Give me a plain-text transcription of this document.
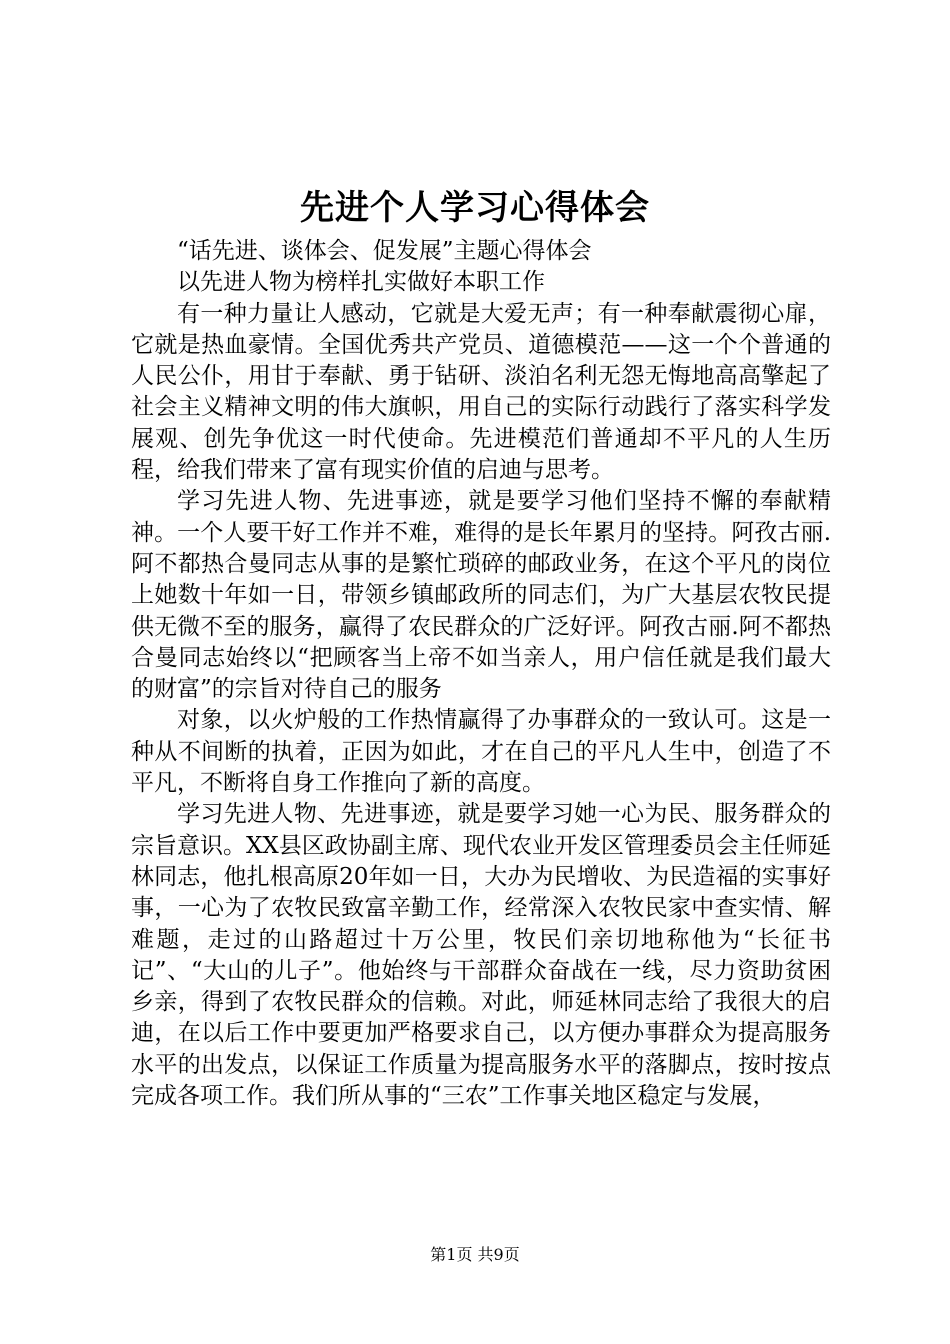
先进个人学习心得体会

“话先进、谈体会、促发展”主题心得体会

以先进人物为榜样扎实做好本职工作

有一种力量让人感动，它就是大爱无声；有一种奉献震彻心扉，它就是热血豪情。全国优秀共产党员、道德模范——这一个个普通的人民公仆，用甘于奉献、勇于钻研、淡泊名利无怨无悔地高高擎起了社会主义精神文明的伟大旗帜，用自己的实际行动践行了落实科学发展观、创先争优这一时代使命。先进模范们普通却不平凡的人生历程，给我们带来了富有现实价值的启迪与思考。

学习先进人物、先进事迹，就是要学习他们坚持不懈的奉献精神。一个人要干好工作并不难，难得的是长年累月的坚持。阿孜古丽.阿不都热合曼同志从事的是繁忙琐碎的邮政业务，在这个平凡的岗位上她数十年如一日，带领乡镇邮政所的同志们，为广大基层农牧民提供无微不至的服务，赢得了农民群众的广泛好评。阿孜古丽.阿不都热合曼同志始终以“把顾客当上帝不如当亲人，用户信任就是我们最大的财富”的宗旨对待自己的服务

对象，以火炉般的工作热情赢得了办事群众的一致认可。这是一种从不间断的执着，正因为如此，才在自己的平凡人生中，创造了不平凡，不断将自身工作推向了新的高度。

学习先进人物、先进事迹，就是要学习她一心为民、服务群众的宗旨意识。XX县区政协副主席、现代农业开发区管理委员会主任师延林同志，他扎根高原20年如一日，大办为民增收、为民造福的实事好事，一心为了农牧民致富辛勤工作，经常深入农牧民家中查实情、解难题，走过的山路超过十万公里，牧民们亲切地称他为“长征书记”、“大山的儿子”。他始终与干部群众奋战在一线，尽力资助贫困乡亲，得到了农牧民群众的信赖。对此，师延林同志给了我很大的启迪，在以后工作中要更加严格要求自己，以方便办事群众为提高服务水平的出发点，以保证工作质量为提高服务水平的落脚点，按时按点完成各项工作。我们所从事的“三农”工作事关地区稳定与发展，

第1页 共9页
